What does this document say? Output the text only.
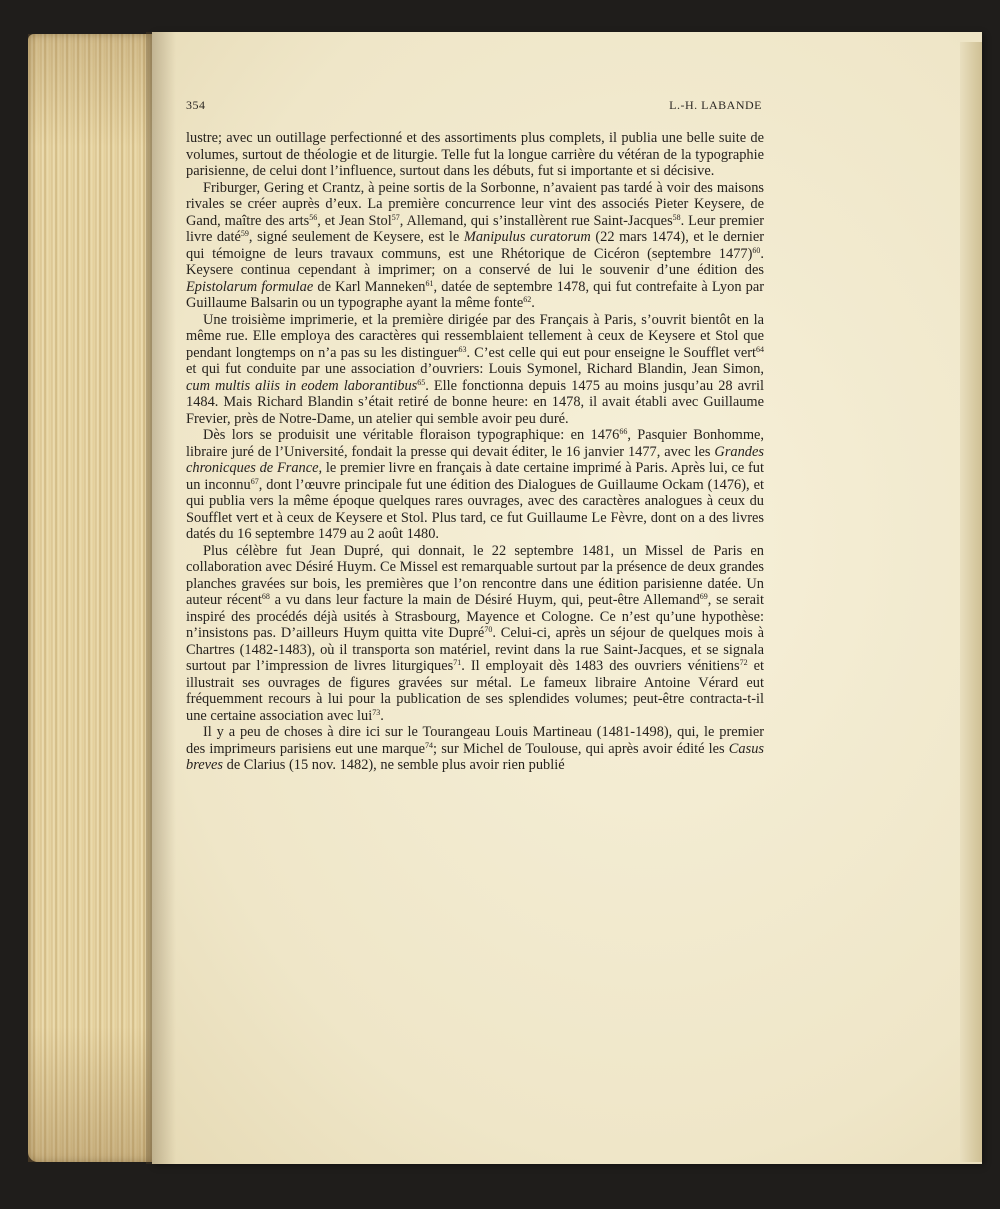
354	L.-H. LABANDE

lustre; avec un outillage perfectionné et des assortiments plus complets, il publia une belle suite de volumes, surtout de théologie et de liturgie. Telle fut la longue carrière du vétéran de la typographie parisienne, de celui dont l’influence, surtout dans les débuts, fut si importante et si décisive.

Friburger, Gering et Crantz, à peine sortis de la Sorbonne, n’avaient pas tardé à voir des maisons rivales se créer auprès d’eux. La première concurrence leur vint des associés Pieter Keysere, de Gand, maître des arts$^{56}$, et Jean Stol$^{57}$, Allemand, qui s’installèrent rue Saint-Jacques$^{58}$. Leur premier livre daté$^{59}$, signé seulement de Keysere, est le Manipulus curatorum (22 mars 1474), et le dernier qui témoigne de leurs travaux communs, est une Rhétorique de Cicéron (septembre 1477)$^{60}$. Keysere continua cependant à imprimer; on a conservé de lui le souvenir d’une édition des Epistolarum formulae de Karl Manneken$^{61}$, datée de septembre 1478, qui fut contrefaite à Lyon par Guillaume Balsarin ou un typographe ayant la même fonte$^{62}$.

Une troisième imprimerie, et la première dirigée par des Français à Paris, s’ouvrit bientôt en la même rue. Elle employa des caractères qui ressemblaient tellement à ceux de Keysere et Stol que pendant longtemps on n’a pas su les distinguer$^{63}$. C’est celle qui eut pour enseigne le Soufflet vert$^{64}$ et qui fut conduite par une association d’ouvriers: Louis Symonel, Richard Blandin, Jean Simon, cum multis aliis in eodem laborantibus$^{65}$. Elle fonctionna depuis 1475 au moins jusqu’au 28 avril 1484. Mais Richard Blandin s’était retiré de bonne heure: en 1478, il avait établi avec Guillaume Frevier, près de Notre-Dame, un atelier qui semble avoir peu duré.

Dès lors se produisit une véritable floraison typographique: en 1476$^{66}$, Pasquier Bonhomme, libraire juré de l’Université, fondait la presse qui devait éditer, le 16 janvier 1477, avec les Grandes chronicques de France, le premier livre en français à date certaine imprimé à Paris. Après lui, ce fut un inconnu$^{67}$, dont l’œuvre principale fut une édition des Dialogues de Guillaume Ockam (1476), et qui publia vers la même époque quelques rares ouvrages, avec des caractères analogues à ceux du Soufflet vert et à ceux de Keysere et Stol. Plus tard, ce fut Guillaume Le Fèvre, dont on a des livres datés du 16 septembre 1479 au 2 août 1480.

Plus célèbre fut Jean Dupré, qui donnait, le 22 septembre 1481, un Missel de Paris en collaboration avec Désiré Huym. Ce Missel est remarquable surtout par la présence de deux grandes planches gravées sur bois, les premières que l’on rencontre dans une édition parisienne datée. Un auteur récent$^{68}$ a vu dans leur facture la main de Désiré Huym, qui, peut-être Allemand$^{69}$, se serait inspiré des procédés déjà usités à Strasbourg, Mayence et Cologne. Ce n’est qu’une hypothèse: n’insistons pas. D’ailleurs Huym quitta vite Dupré$^{70}$. Celui-ci, après un séjour de quelques mois à Chartres (1482-1483), où il transporta son matériel, revint dans la rue Saint-Jacques, et se signala surtout par l’impression de livres liturgiques$^{71}$. Il employait dès 1483 des ouvriers vénitiens$^{72}$ et illustrait ses ouvrages de figures gravées sur métal. Le fameux libraire Antoine Vérard eut fréquemment recours à lui pour la publication de ses splendides volumes; peut-être contracta-t-il une certaine association avec lui$^{73}$.

Il y a peu de choses à dire ici sur le Tourangeau Louis Martineau (1481-1498), qui, le premier des imprimeurs parisiens eut une marque$^{74}$; sur Michel de Toulouse, qui après avoir édité les Casus breves de Clarius (15 nov. 1482), ne semble plus avoir rien publié
